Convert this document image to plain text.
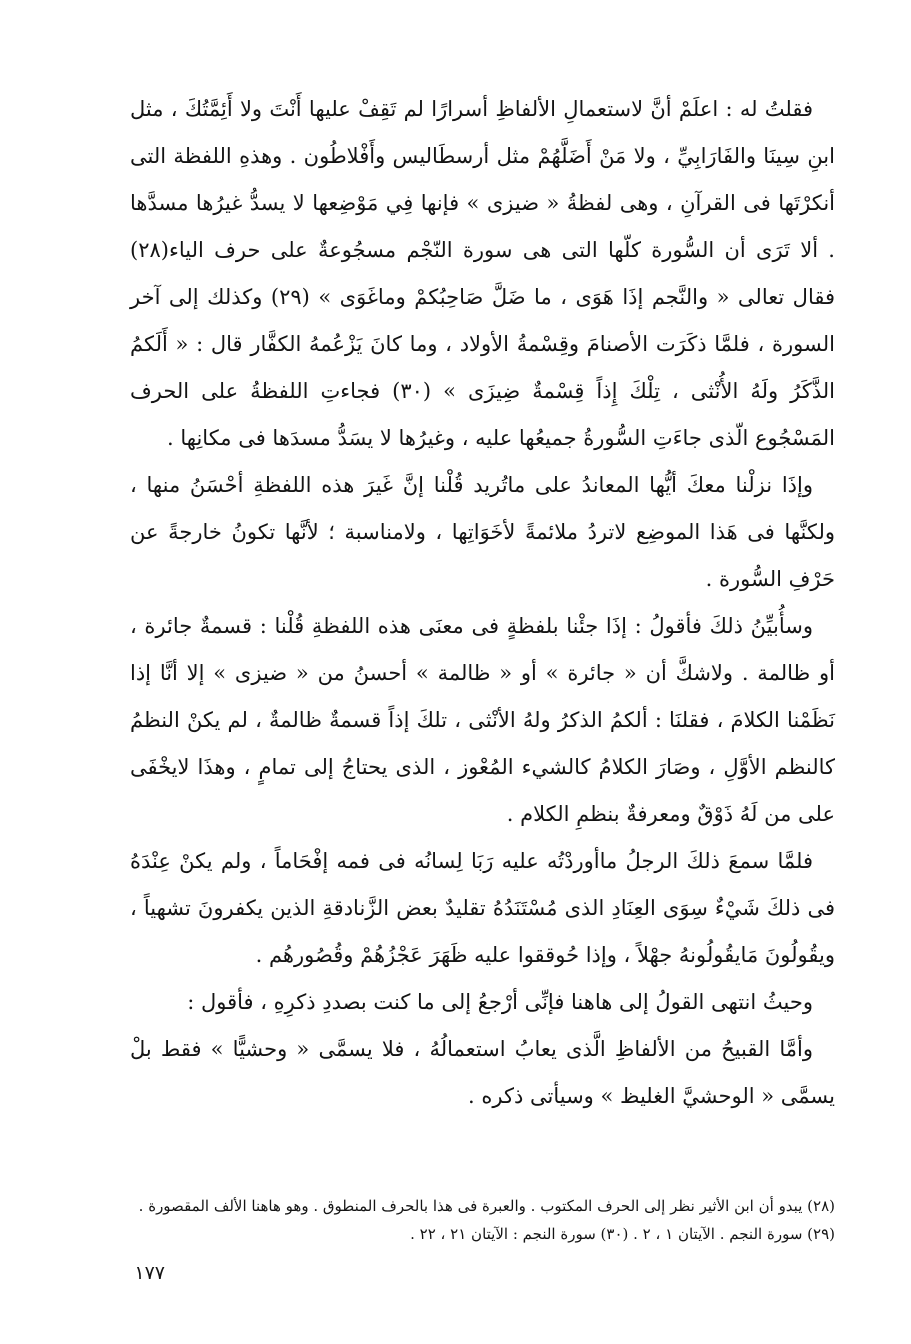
فقلتُ له : اعلَمْ أنَّ لاستعمالِ الألفاظِ أسرارًا لم تَقِفْ عليها أَنْتَ ولا أَئِمَّتُكَ ، مثل ابنِ سِينَا والفَارَابِيِّ ، ولا مَنْ أَضَلَّهُمْ مثل أرسطَاليس وأَفْلاطُون . وهذهِ اللفظة التى أنكرْتَها فى القرآنِ ، وهى لفظةُ « ضيزى » فإنها فِي مَوْضِعها لا يسدُّ غيرُها مسدَّها . ألا تَرَى أن السُّورة كلّها التى هى سورة النّجْم مسجُوعةٌ على حرف الياء(٢٨) فقال تعالى « والنَّجم إذَا هَوَى ، ما ضَلَّ صَاحِبُكمْ وماغَوَى » (٢٩) وكذلك إلى آخر السورة ، فلمَّا ذكَرَت الأصنامَ وقِسْمةُ الأولاد ، وما كانَ يَزْعُمهُ الكفَّار قال : « أَلَكمُ الذَّكَرُ ولَهُ الأُنْثى ، تِلْكَ إِذاً قِسْمةٌ ضِيزَى » (٣٠) فجاءتِ اللفظةُ على الحرف المَسْجُوع الّذى جاءَتِ السُّورةُ جميعُها عليه ، وغيرُها لا يسَدُّ مسدَها فى مكانِها .

وإذَا نزلْنا معكَ أيُّها المعاندُ على ماتُريد قُلْنا إنَّ غَيرَ هذه اللفظةِ أحْسَنُ منها ، ولكنَّها فى هَذا الموضِع لاتردُ ملائمةً لأخَوَاتِها ، ولامناسبة ؛ لأنَّها تكونُ خارجةً عن حَرْفِ السُّورة .

وسأُبيِّنُ ذلكَ فأقولُ : إذَا جئْنا بلفظةٍ فى معنَى هذه اللفظةِ قُلْنا : قسمةٌ جائرة ، أو ظالمة . ولاشكَّ أن « جائرة » أو « ظالمة » أحسنُ من « ضيزى » إلا أنَّا إذا نَظَمْنا الكلامَ ، فقلنَا : ألكمُ الذكرُ ولهُ الأنْثى ، تلكَ إذاً قسمةٌ ظالمةٌ ، لم يكنْ النظمُ كالنظم الأوَّلِ ، وصَارَ الكلامُ كالشيء المُعْوز ، الذى يحتاجُ إلى تمامٍ ، وهذَا لايخْفَى على من لَهُ ذَوْقٌ ومعرفةٌ بنظمِ الكلام .

فلمَّا سمعَ ذلكَ الرجلُ ماأوردْتُه عليه رَبَا لِسانُه فى فمه إفْحَاماً ، ولم يكنْ عِنْدَهُ فى ذلكَ شَيْءٌ سِوَى العِنَادِ الذى مُسْتَنَدُهُ تقليدٌ بعض الزَّنادقةِ الذين يكفرونَ تشهياً ، ويقُولُونَ مَايقُولُونهُ جهْلاً ، وإذا حُوققوا عليه ظَهَرَ عَجْزُهُمْ وقُصُورهُم .

وحيثُ انتهى القولُ إلى هاهنا فإنِّى أرْجعُ إلى ما كنت بصددِ ذكرِهِ ، فأقول :

وأمَّا القبيحُ من الألفاظِ الَّذى يعابُ استعمالُهُ ، فلا يسمَّى « وحشيًّا » فقط بلْ يسمَّى « الوحشيَّ الغليظ » وسيأتى ذكره .

(٢٨) يبدو أن ابن الأثير نظر إلى الحرف المكتوب . والعبرة فى هذا بالحرف المنطوق . وهو هاهنا الألف المقصورة .

(٢٩) سورة النجم . الآيتان ١ ، ٢ . (٣٠) سورة النجم : الآيتان ٢١ ، ٢٢ .

١٧٧
